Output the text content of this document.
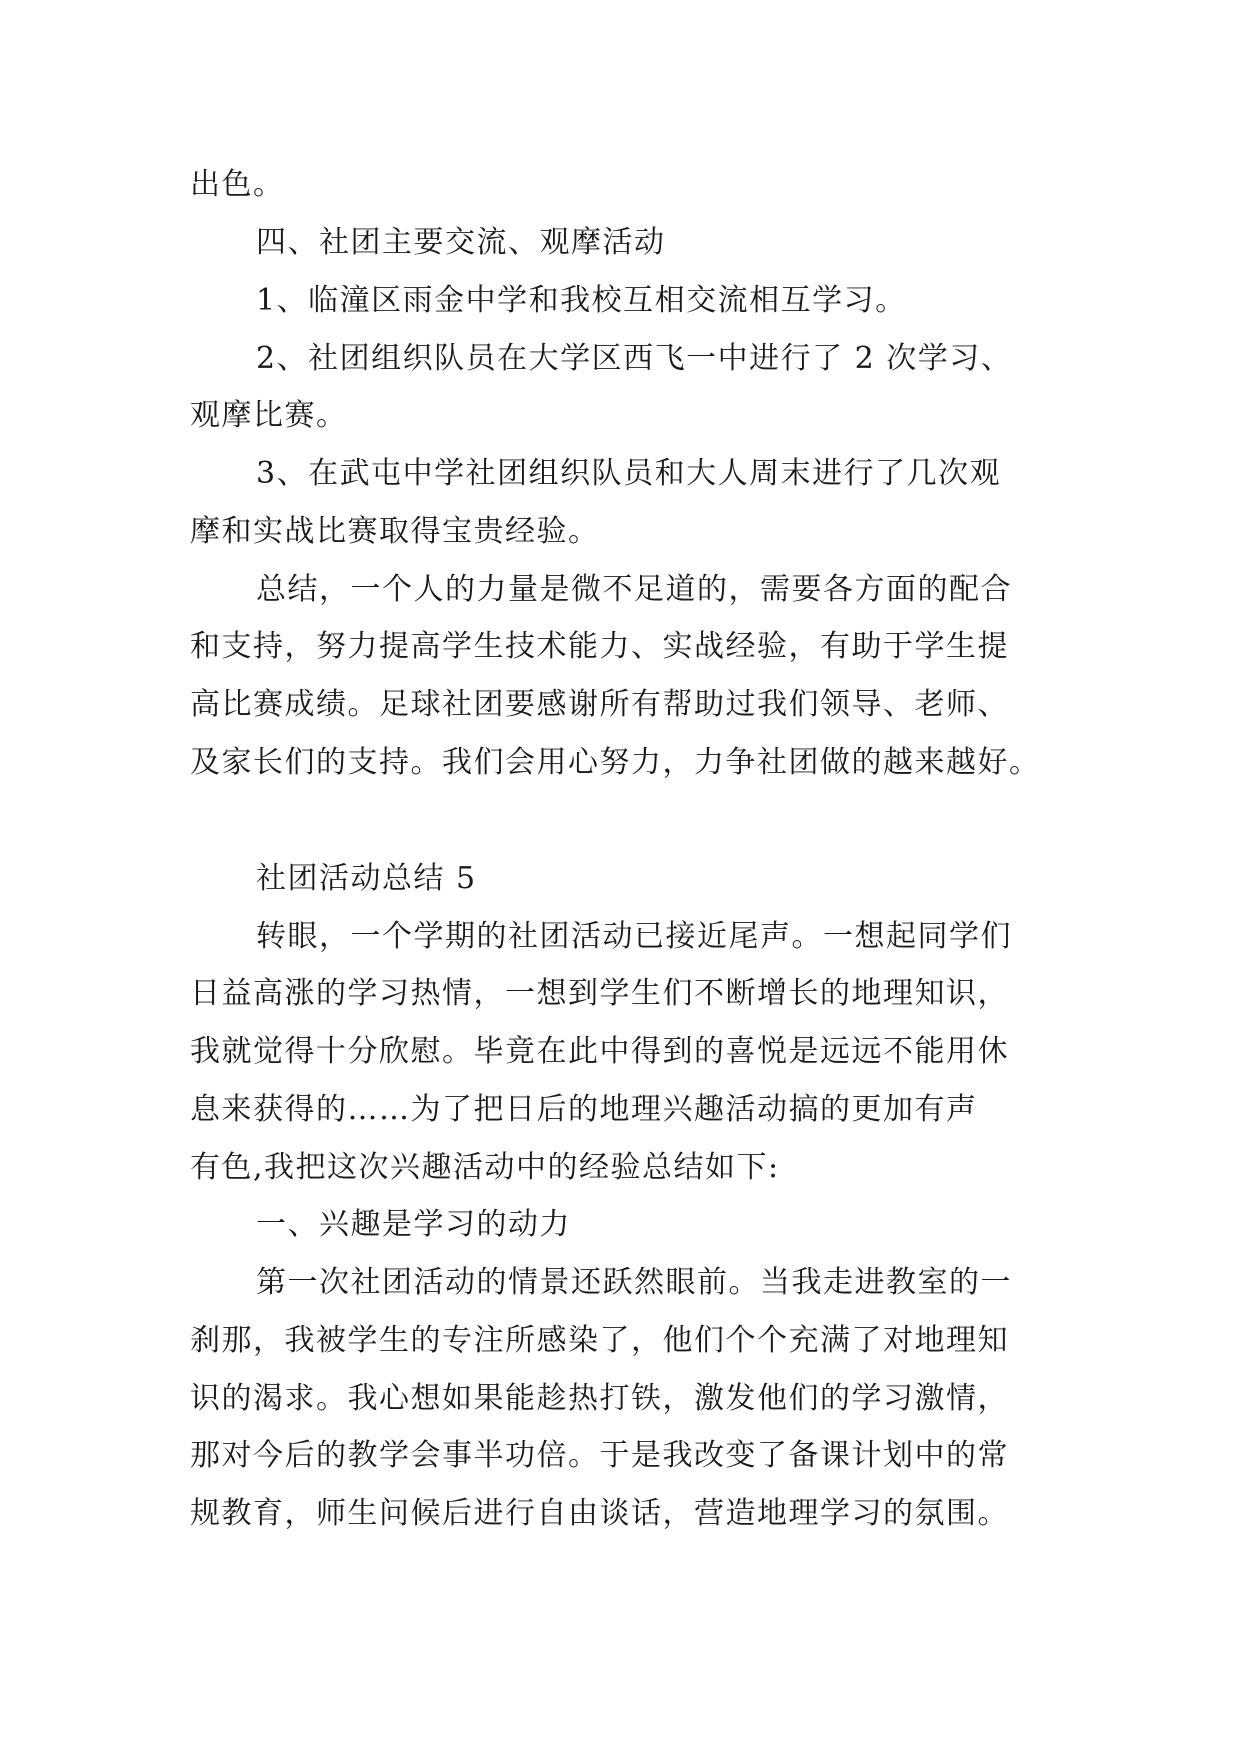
出色。
四、社团主要交流、观摩活动
1、临潼区雨金中学和我校互相交流相互学习。
2、社团组织队员在大学区西飞一中进行了 2 次学习、
观摩比赛。
3、在武屯中学社团组织队员和大人周末进行了几次观
摩和实战比赛取得宝贵经验。
总结，一个人的力量是微不足道的，需要各方面的配合
和支持，努力提高学生技术能力、实战经验，有助于学生提
高比赛成绩。足球社团要感谢所有帮助过我们领导、老师、
及家长们的支持。我们会用心努力，力争社团做的越来越好。
社团活动总结 5
转眼，一个学期的社团活动已接近尾声。一想起同学们
日益高涨的学习热情，一想到学生们不断增长的地理知识，
我就觉得十分欣慰。毕竟在此中得到的喜悦是远远不能用休
息来获得的……为了把日后的地理兴趣活动搞的更加有声
有色,我把这次兴趣活动中的经验总结如下:
一、兴趣是学习的动力
第一次社团活动的情景还跃然眼前。当我走进教室的一
刹那，我被学生的专注所感染了，他们个个充满了对地理知
识的渴求。我心想如果能趁热打铁，激发他们的学习激情，
那对今后的教学会事半功倍。于是我改变了备课计划中的常
规教育，师生问候后进行自由谈话，营造地理学习的氛围。
